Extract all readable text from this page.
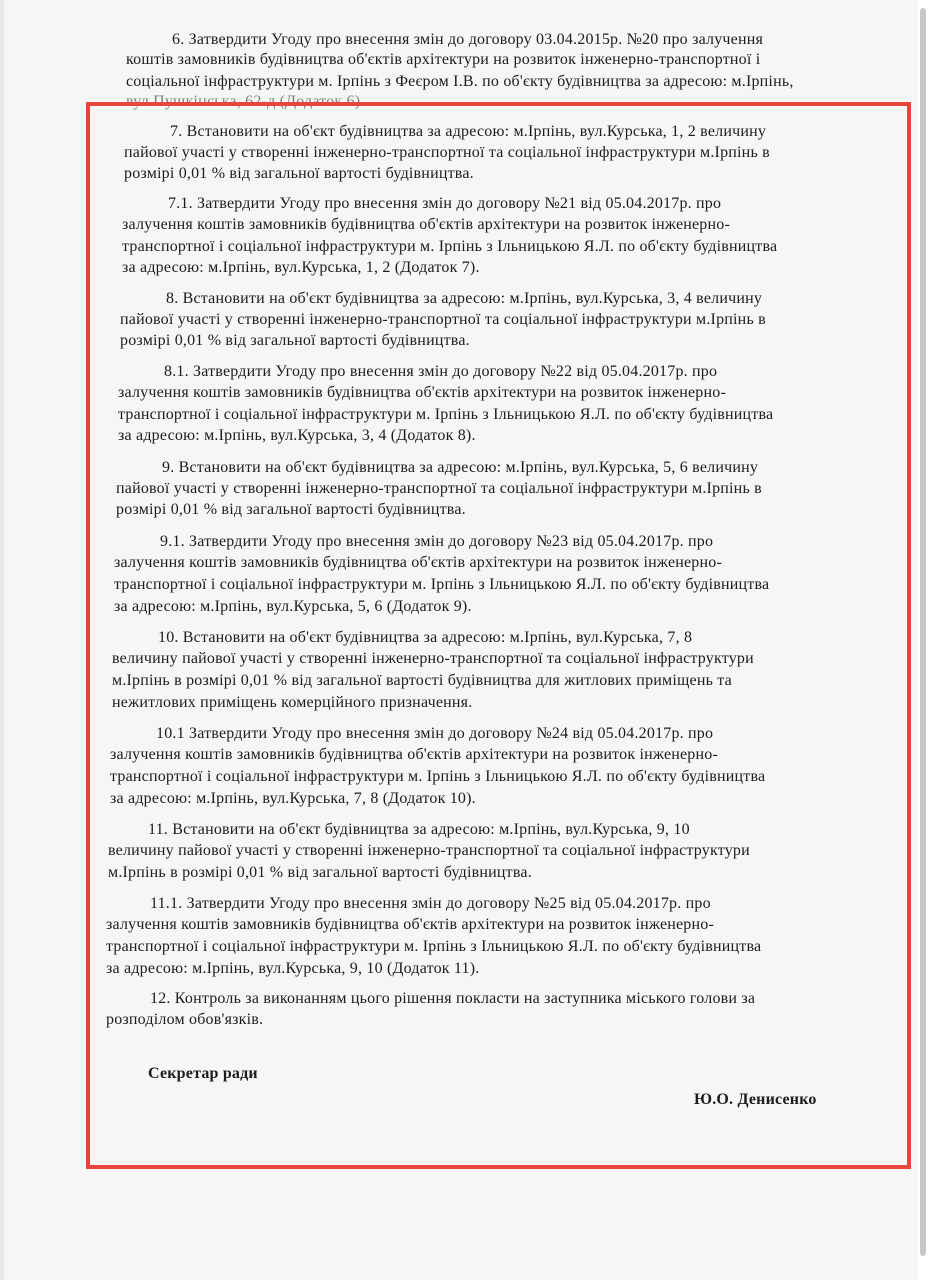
6. Затвердити Угоду про внесення змін до договору 03.04.2015р. №20 про залучення
коштів замовників будівництва об'єктів архітектури на розвиток інженерно-транспортної і
соціальної інфраструктури м. Ірпінь з Феєром І.В. по об'єкту будівництва за адресою: м.Ірпінь,
вул.Пушкінська, 62-д (Додаток 6).
7. Встановити на об'єкт будівництва за адресою: м.Ірпінь, вул.Курська, 1, 2 величину
пайової участі у створенні інженерно-транспортної та соціальної інфраструктури м.Ірпінь в
розмірі 0,01 % від загальної вартості будівництва.
7.1. Затвердити Угоду про внесення змін до договору №21 від 05.04.2017р. про
залучення коштів замовників будівництва об'єктів архітектури на розвиток інженерно-
транспортної і соціальної інфраструктури м. Ірпінь з Ільницькою Я.Л. по об'єкту будівництва
за адресою: м.Ірпінь, вул.Курська, 1, 2 (Додаток 7).
8. Встановити на об'єкт будівництва за адресою: м.Ірпінь, вул.Курська, 3, 4 величину
пайової участі у створенні інженерно-транспортної та соціальної інфраструктури м.Ірпінь в
розмірі 0,01 % від загальної вартості будівництва.
8.1. Затвердити Угоду про внесення змін до договору №22 від 05.04.2017р. про
залучення коштів замовників будівництва об'єктів архітектури на розвиток інженерно-
транспортної і соціальної інфраструктури м. Ірпінь з Ільницькою Я.Л. по об'єкту будівництва
за адресою: м.Ірпінь, вул.Курська, 3, 4 (Додаток 8).
9. Встановити на об'єкт будівництва за адресою: м.Ірпінь, вул.Курська, 5, 6 величину
пайової участі у створенні інженерно-транспортної та соціальної інфраструктури м.Ірпінь в
розмірі 0,01 % від загальної вартості будівництва.
9.1. Затвердити Угоду про внесення змін до договору №23 від 05.04.2017р. про
залучення коштів замовників будівництва об'єктів архітектури на розвиток інженерно-
транспортної і соціальної інфраструктури м. Ірпінь з Ільницькою Я.Л. по об'єкту будівництва
за адресою: м.Ірпінь, вул.Курська, 5, 6 (Додаток 9).
10. Встановити на об'єкт будівництва за адресою: м.Ірпінь, вул.Курська, 7, 8
величину пайової участі у створенні інженерно-транспортної та соціальної інфраструктури
м.Ірпінь в розмірі 0,01 % від загальної вартості будівництва для житлових приміщень та
нежитлових приміщень комерційного призначення.
10.1 Затвердити Угоду про внесення змін до договору №24 від 05.04.2017р. про
залучення коштів замовників будівництва об'єктів архітектури на розвиток інженерно-
транспортної і соціальної інфраструктури м. Ірпінь з Ільницькою Я.Л. по об'єкту будівництва
за адресою: м.Ірпінь, вул.Курська, 7, 8 (Додаток 10).
11. Встановити на об'єкт будівництва за адресою: м.Ірпінь, вул.Курська, 9, 10
величину пайової участі у створенні інженерно-транспортної та соціальної інфраструктури
м.Ірпінь в розмірі 0,01 % від загальної вартості будівництва.
11.1. Затвердити Угоду про внесення змін до договору №25 від 05.04.2017р. про
залучення коштів замовників будівництва об'єктів архітектури на розвиток інженерно-
транспортної і соціальної інфраструктури м. Ірпінь з Ільницькою Я.Л. по об'єкту будівництва
за адресою: м.Ірпінь, вул.Курська, 9, 10 (Додаток 11).
12. Контроль за виконанням цього рішення покласти на заступника міського голови за
розподілом обов'язків.
Секретар ради
Ю.О. Денисенко
